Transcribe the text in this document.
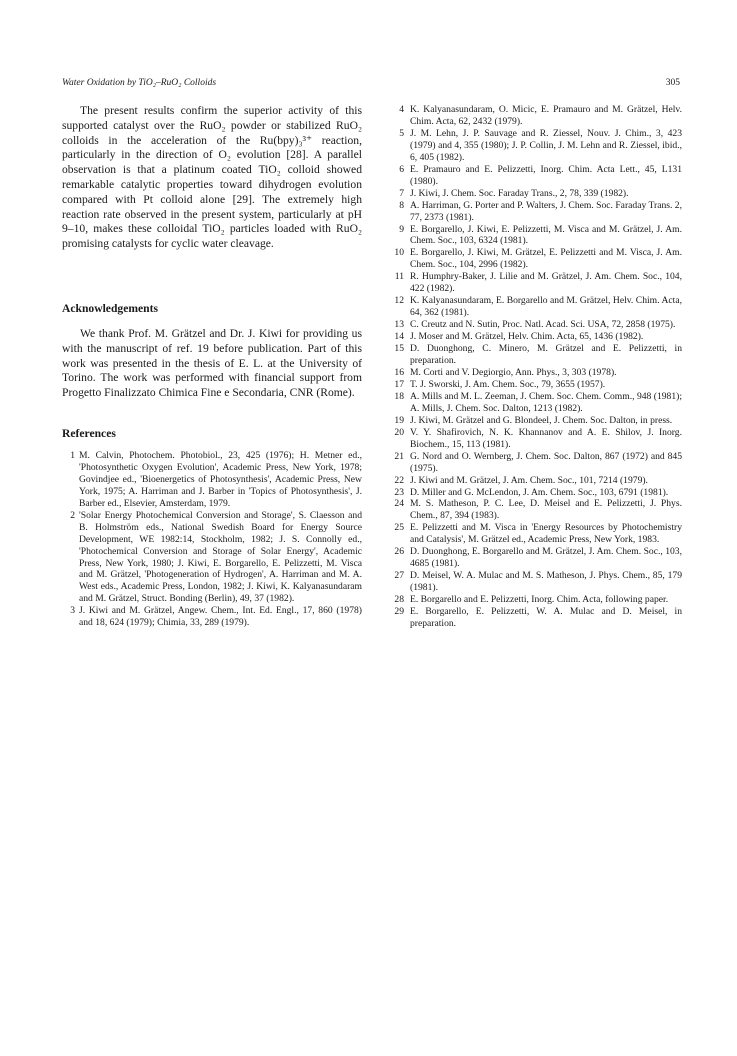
Water Oxidation by TiO₂–RuO₂ Colloids	305

The present results confirm the superior activity of this supported catalyst over the RuO₂ powder or stabilized RuO₂ colloids in the acceleration of the Ru(bpy)₃³⁺ reaction, particularly in the direction of O₂ evolution [28]. A parallel observation is that a platinum coated TiO₂ colloid showed remarkable catalytic properties toward dihydrogen evolution compared with Pt colloid alone [29]. The extremely high reaction rate observed in the present system, particularly at pH 9–10, makes these colloidal TiO₂ particles loaded with RuO₂ promising catalysts for cyclic water cleavage.

Acknowledgements

We thank Prof. M. Grätzel and Dr. J. Kiwi for providing us with the manuscript of ref. 19 before publication. Part of this work was presented in the thesis of E. L. at the University of Torino. The work was performed with financial support from Progetto Finalizzato Chimica Fine e Secondaria, CNR (Rome).

References
1 M. Calvin, Photochem. Photobiol., 23, 425 (1976); H. Metner ed., 'Photosynthetic Oxygen Evolution', Academic Press, New York, 1978; Govindjee ed., 'Bioenergetics of Photosynthesis', Academic Press, New York, 1975; A. Harriman and J. Barber in 'Topics of Photosynthesis', J. Barber ed., Elsevier, Amsterdam, 1979.
2 'Solar Energy Photochemical Conversion and Storage', S. Claesson and B. Holmström eds., National Swedish Board for Energy Source Development, WE 1982:14, Stockholm, 1982; J. S. Connolly ed., 'Photochemical Conversion and Storage of Solar Energy', Academic Press, New York, 1980; J. Kiwi, E. Borgarello, E. Pelizzetti, M. Visca and M. Grätzel, 'Photogeneration of Hydrogen', A. Harriman and M. A. West eds., Academic Press, London, 1982; J. Kiwi, K. Kalyanasundaram and M. Grätzel, Struct. Bonding (Berlin), 49, 37 (1982).
3 J. Kiwi and M. Grätzel, Angew. Chem., Int. Ed. Engl., 17, 860 (1978) and 18, 624 (1979); Chimia, 33, 289 (1979).
4 K. Kalyanasundaram, O. Micic, E. Pramauro and M. Grätzel, Helv. Chim. Acta, 62, 2432 (1979).
5 J. M. Lehn, J. P. Sauvage and R. Ziessel, Nouv. J. Chim., 3, 423 (1979) and 4, 355 (1980); J. P. Collin, J. M. Lehn and R. Ziessel, ibid., 6, 405 (1982).
6 E. Pramauro and E. Pelizzetti, Inorg. Chim. Acta Lett., 45, L131 (1980).
7 J. Kiwi, J. Chem. Soc. Faraday Trans., 2, 78, 339 (1982).
8 A. Harriman, G. Porter and P. Walters, J. Chem. Soc. Faraday Trans. 2, 77, 2373 (1981).
9 E. Borgarello, J. Kiwi, E. Pelizzetti, M. Visca and M. Grätzel, J. Am. Chem. Soc., 103, 6324 (1981).
10 E. Borgarello, J. Kiwi, M. Grätzel, E. Pelizzetti and M. Visca, J. Am. Chem. Soc., 104, 2996 (1982).
11 R. Humphry-Baker, J. Lilie and M. Grätzel, J. Am. Chem. Soc., 104, 422 (1982).
12 K. Kalyanasundaram, E. Borgarello and M. Grätzel, Helv. Chim. Acta, 64, 362 (1981).
13 C. Creutz and N. Sutin, Proc. Natl. Acad. Sci. USA, 72, 2858 (1975).
14 J. Moser and M. Grätzel, Helv. Chim. Acta, 65, 1436 (1982).
15 D. Duonghong, C. Minero, M. Grätzel and E. Pelizzetti, in preparation.
16 M. Corti and V. Degiorgio, Ann. Phys., 3, 303 (1978).
17 T. J. Sworski, J. Am. Chem. Soc., 79, 3655 (1957).
18 A. Mills and M. L. Zeeman, J. Chem. Soc. Chem. Comm., 948 (1981); A. Mills, J. Chem. Soc. Dalton, 1213 (1982).
19 J. Kiwi, M. Grätzel and G. Blondeel, J. Chem. Soc. Dalton, in press.
20 V. Y. Shafirovich, N. K. Khannanov and A. E. Shilov, J. Inorg. Biochem., 15, 113 (1981).
21 G. Nord and O. Wernberg, J. Chem. Soc. Dalton, 867 (1972) and 845 (1975).
22 J. Kiwi and M. Grätzel, J. Am. Chem. Soc., 101, 7214 (1979).
23 D. Miller and G. McLendon, J. Am. Chem. Soc., 103, 6791 (1981).
24 M. S. Matheson, P. C. Lee, D. Meisel and E. Pelizzetti, J. Phys. Chem., 87, 394 (1983).
25 E. Pelizzetti and M. Visca in 'Energy Resources by Photochemistry and Catalysis', M. Grätzel ed., Academic Press, New York, 1983.
26 D. Duonghong, E. Borgarello and M. Grätzel, J. Am. Chem. Soc., 103, 4685 (1981).
27 D. Meisel, W. A. Mulac and M. S. Matheson, J. Phys. Chem., 85, 179 (1981).
28 E. Borgarello and E. Pelizzetti, Inorg. Chim. Acta, following paper.
29 E. Borgarello, E. Pelizzetti, W. A. Mulac and D. Meisel, in preparation.
